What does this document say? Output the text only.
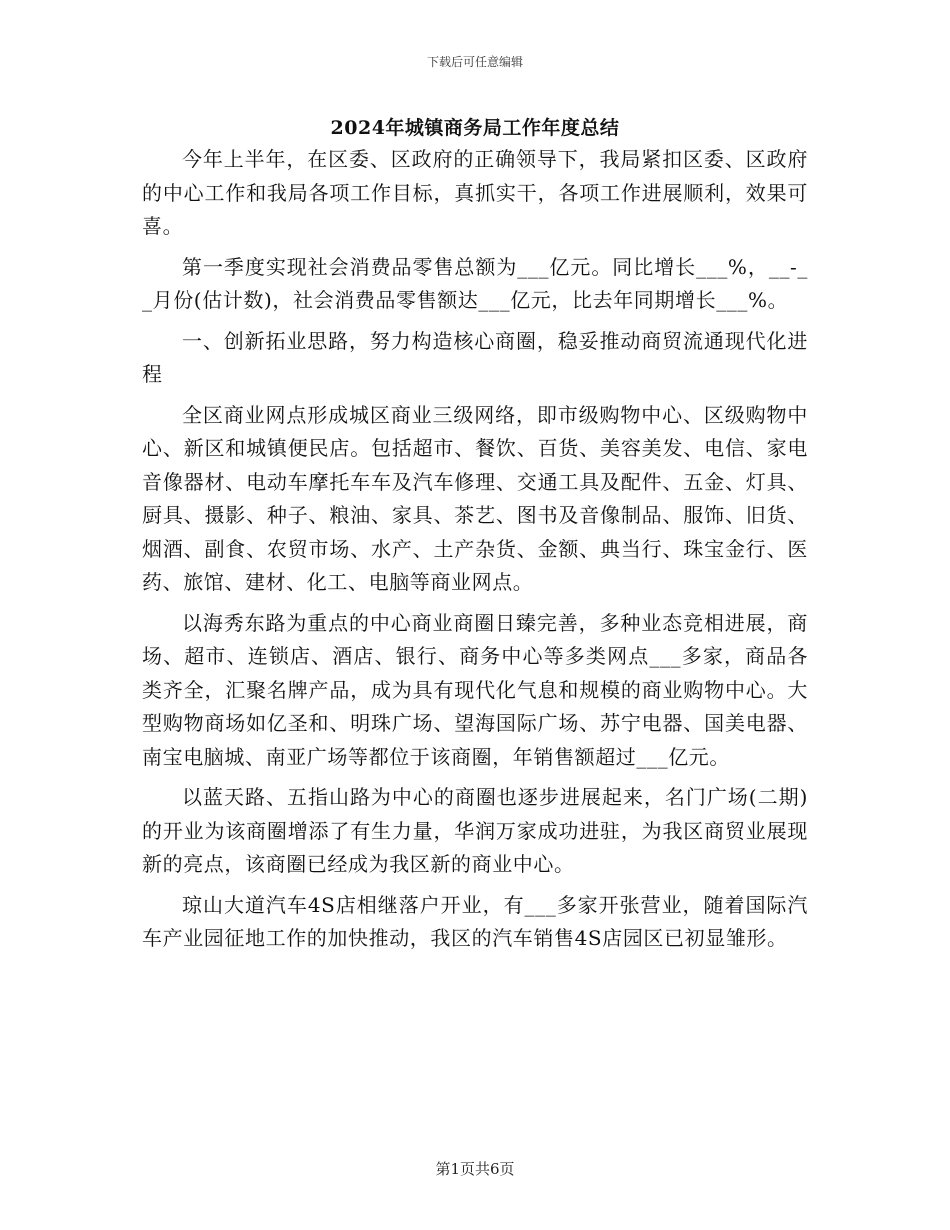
下载后可任意编辑
2024年城镇商务局工作年度总结

今年上半年，在区委、区政府的正确领导下，我局紧扣区委、区政府的中心工作和我局各项工作目标，真抓实干，各项工作进展顺利，效果可喜。

第一季度实现社会消费品零售总额为___亿元。同比增长___%，__-__月份(估计数)，社会消费品零售额达___亿元，比去年同期增长___%。

一、创新拓业思路，努力构造核心商圈，稳妥推动商贸流通现代化进程

全区商业网点形成城区商业三级网络，即市级购物中心、区级购物中心、新区和城镇便民店。包括超市、餐饮、百货、美容美发、电信、家电音像器材、电动车摩托车车及汽车修理、交通工具及配件、五金、灯具、厨具、摄影、种子、粮油、家具、茶艺、图书及音像制品、服饰、旧货、烟酒、副食、农贸市场、水产、土产杂货、金额、典当行、珠宝金行、医药、旅馆、建材、化工、电脑等商业网点。

以海秀东路为重点的中心商业商圈日臻完善，多种业态竞相进展，商场、超市、连锁店、酒店、银行、商务中心等多类网点___多家，商品各类齐全，汇聚名牌产品，成为具有现代化气息和规模的商业购物中心。大型购物商场如亿圣和、明珠广场、望海国际广场、苏宁电器、国美电器、南宝电脑城、南亚广场等都位于该商圈，年销售额超过___亿元。

以蓝天路、五指山路为中心的商圈也逐步进展起来，名门广场(二期)的开业为该商圈增添了有生力量，华润万家成功进驻，为我区商贸业展现新的亮点，该商圈已经成为我区新的商业中心。

琼山大道汽车4S店相继落户开业，有___多家开张营业，随着国际汽车产业园征地工作的加快推动，我区的汽车销售4S店园区已初显雏形。

第1页共6页
